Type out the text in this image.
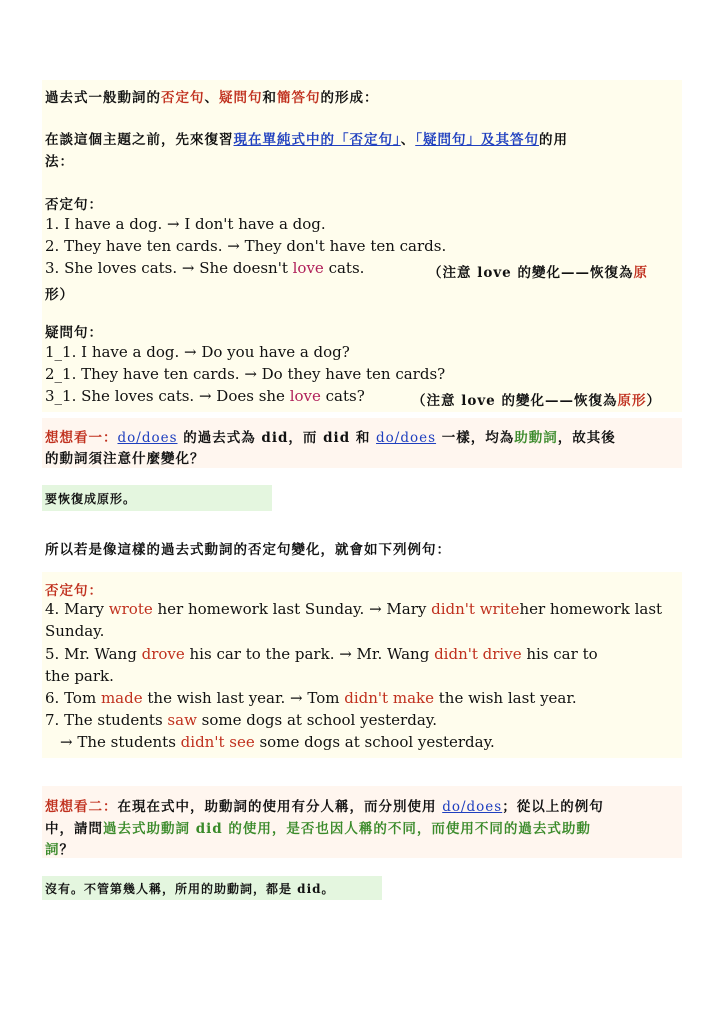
過去式一般動詞的否定句、疑問句和簡答句的形成：
在談這個主題之前，先來復習現在單純式中的「否定句」、「疑問句」及其答句的用
法：
否定句：
1. I have a dog. → I don't have a dog.
2. They have ten cards. → They don't have ten cards.
3. She loves cats. → She doesn't love cats.	（注意 love 的變化——恢復為原
形）
疑問句：
1_1. I have a dog. → Do you have a dog?
2_1. They have ten cards. → Do they have ten cards?
3_1. She loves cats. → Does she love cats?	（注意 love 的變化——恢復為原形）
想想看一：do/does 的過去式為 did，而 did 和 do/does 一樣，均為助動詞，故其後
的動詞須注意什麼變化？
要恢復成原形。
所以若是像這樣的過去式動詞的否定句變化，就會如下列例句：
否定句：
4. Mary wrote her homework last Sunday. → Mary didn't writeher homework last
Sunday.
5. Mr. Wang drove his car to the park. → Mr. Wang didn't drive his car to
the park.
6. Tom made the wish last year. → Tom didn't make the wish last year.
7. The students saw some dogs at school yesterday.
→ The students didn't see some dogs at school yesterday.
想想看二：在現在式中，助動詞的使用有分人稱，而分別使用 do/does；從以上的例句
中，請問過去式助動詞 did 的使用，是否也因人稱的不同，而使用不同的過去式助動
詞？
沒有。不管第幾人稱，所用的助動詞，都是 did。
